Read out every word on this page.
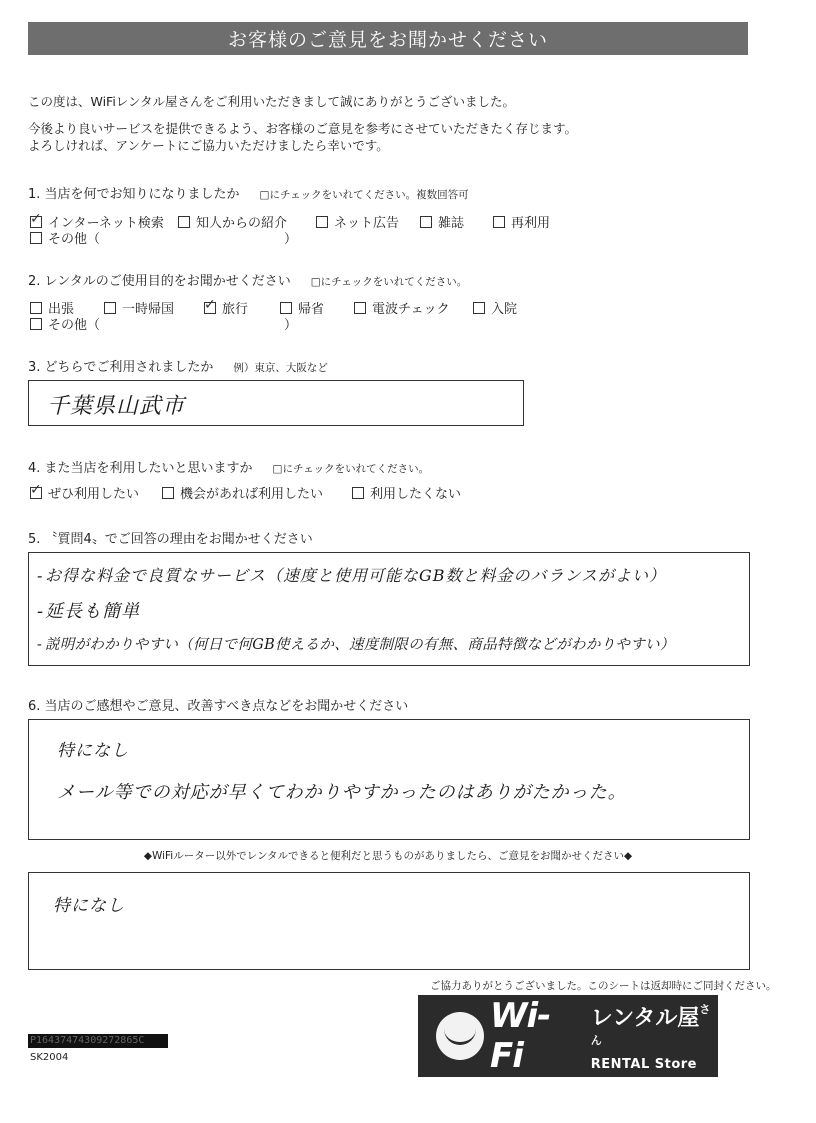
お客様のご意見をお聞かせください
この度は、WiFiレンタル屋さんをご利用いただきまして誠にありがとうございました。
今後より良いサービスを提供できるよう、お客様のご意見を参考にさせていただきたく存じます。
よろしければ、アンケートにご協力いただけましたら幸いです。
1. 当店を何でお知りになりましたか □にチェックをいれてください。複数回答可
✓
インターネット検索 知人からの紹介	ネット広告	雑誌	再利用
その他（	）
2. レンタルのご使用目的をお聞かせください □にチェックをいれてください。
出張	一時帰国
✓	旅行	帰省	電波チェック	入院
その他（	）
3. どちらでご利用されましたか 例）東京、大阪など
千葉県山武市
4. また当店を利用したいと思いますか □にチェックをいれてください。
✓
ぜひ利用したい	機会があれば利用したい	利用したくない
5. 〝質問4〟でご回答の理由をお聞かせください
-お得な料金で良質なサービス（速度と使用可能なGB数と料金のバランスがよい）
-延長も簡単
- 説明がわかりやすい（何日で何GB使えるか、速度制限の有無、商品特徴などがわかりやすい）
6. 当店のご感想やご意見、改善すべき点などをお聞かせください
特になし
メール等での対応が早くてわかりやすかったのはありがたかった。
◆WiFiルーター以外でレンタルできると便利だと思うものがありましたら、ご意見をお聞かせください◆
特になし
ご協力ありがとうございました。このシートは返却時にご同封ください。
Wi-Fi
レンタル屋$^{さん}$
RENTAL Store
P16437474309272865C
SK2004
